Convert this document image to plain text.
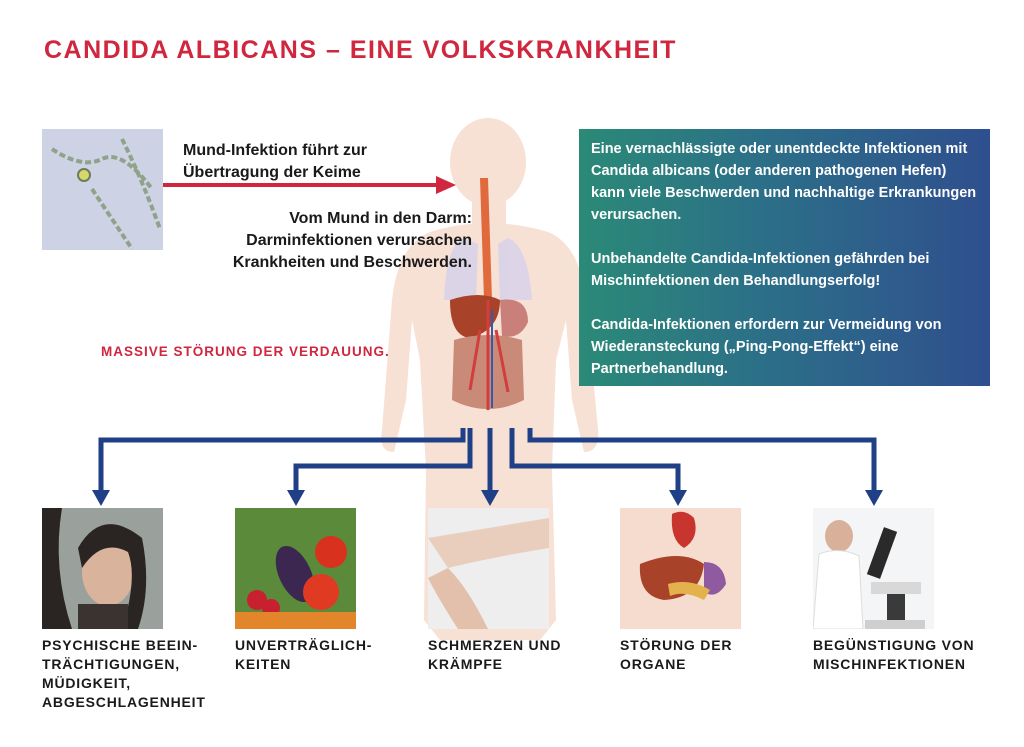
CANDIDA ALBICANS – EINE VOLKSKRANKHEIT
Mund-Infektion führt zur
Übertragung der Keime
Vom Mund in den Darm:
Darminfektionen verursachen
Krankheiten und Beschwerden.
MASSIVE STÖRUNG DER VERDAUUNG.

Eine vernachlässigte oder unentdeckte Infektionen mit Candida albicans (oder anderen pathogenen Hefen) kann viele Beschwerden und nachhaltige Erkrankungen verursachen.

Unbehandelte Candida-Infektionen gefährden bei Mischinfektionen den Behandlungserfolg!

Candida-Infektionen erfordern zur Vermeidung von Wiederansteckung („Ping-Pong-Effekt“) eine Partnerbehandlung.

PSYCHISCHE BEEIN-
TRÄCHTIGUNGEN,
MÜDIGKEIT,
ABGESCHLAGENHEIT
UNVERTRÄGLICH-
KEITEN
SCHMERZEN UND
KRÄMPFE
STÖRUNG DER
ORGANE
BEGÜNSTIGUNG VON
MISCHINFEKTIONEN
